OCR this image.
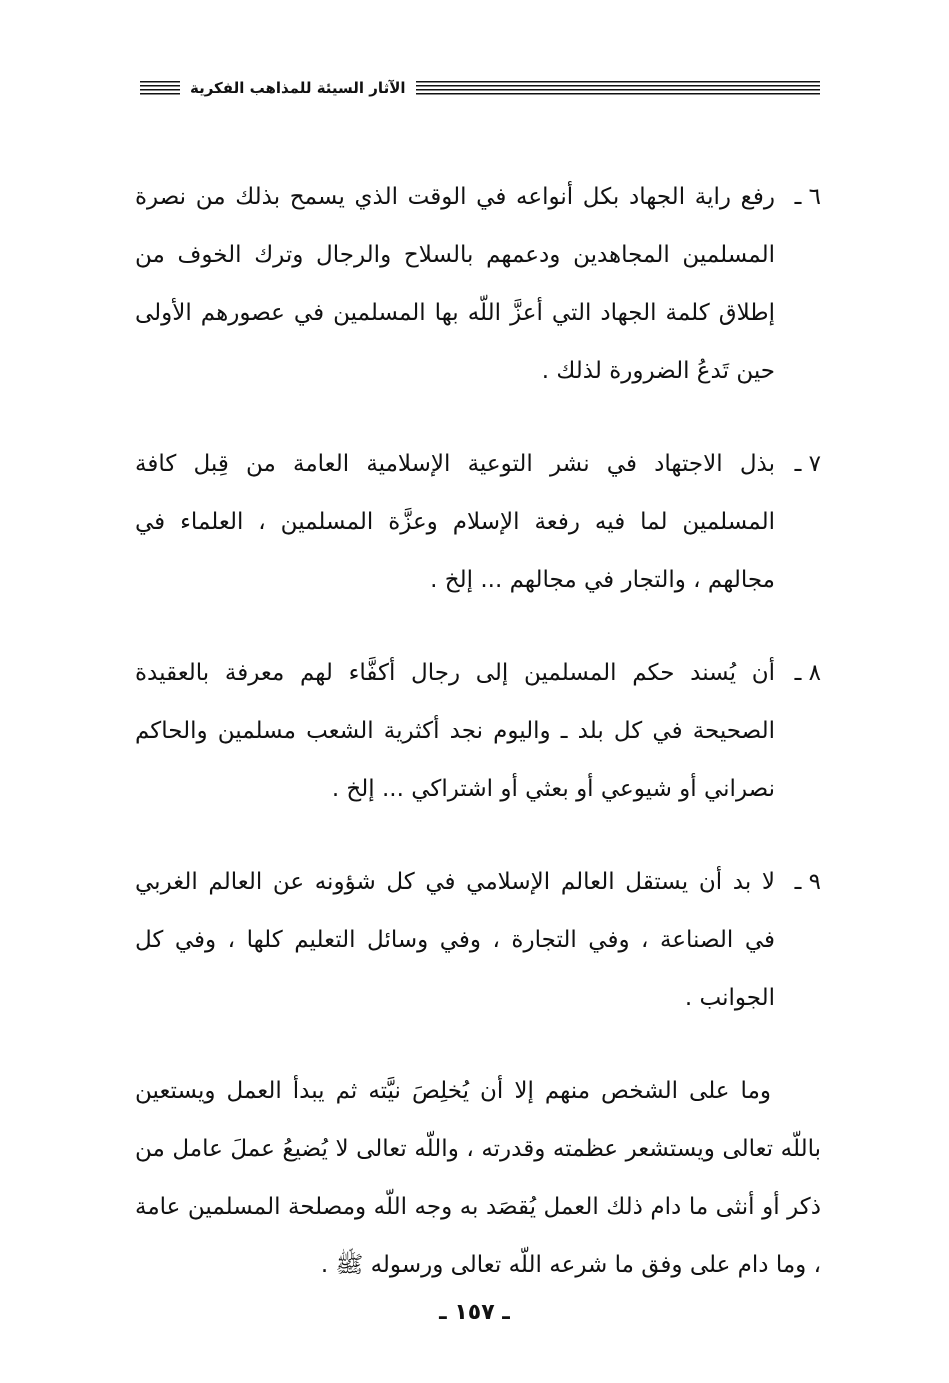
الآثار السيئة للمذاهب الفكرية
٦ ـ
رفع راية الجهاد بكل أنواعه في الوقت الذي يسمح بذلك من نصرة المسلمين المجاهدين ودعمهم بالسلاح والرجال وترك الخوف من إطلاق كلمة الجهاد التي أعزَّ اللّه بها المسلمين في عصورهم الأولى حين تَدعُ الضرورة لذلك .
٧ ـ
بذل الاجتهاد في نشر التوعية الإسلامية العامة من قِبل كافة المسلمين لما فيه رفعة الإسلام وعزَّة المسلمين ، العلماء في مجالهم ، والتجار في مجالهم ... إلخ .
٨ ـ
أن يُسند حكم المسلمين إلى رجال أكفَّاء لهم معرفة بالعقيدة الصحيحة في كل بلد ـ واليوم نجد أكثرية الشعب مسلمين والحاكم نصراني أو شيوعي أو بعثي أو اشتراكي ... إلخ .
٩ ـ
لا بد أن يستقل العالم الإسلامي في كل شؤونه عن العالم الغربي في الصناعة ، وفي التجارة ، وفي وسائل التعليم كلها ، وفي كل الجوانب .

وما على الشخص منهم إلا أن يُخلِصَ نيَّته ثم يبدأ العمل ويستعين باللّه تعالى ويستشعر عظمته وقدرته ، واللّه تعالى لا يُضيعُ عملَ عامل من ذكر أو أنثى ما دام ذلك العمل يُقصَد به وجه اللّه ومصلحة المسلمين عامة ، وما دام على وفق ما شرعه اللّه تعالى ورسوله ﷺ .

ـ ١٥٧ ـ
